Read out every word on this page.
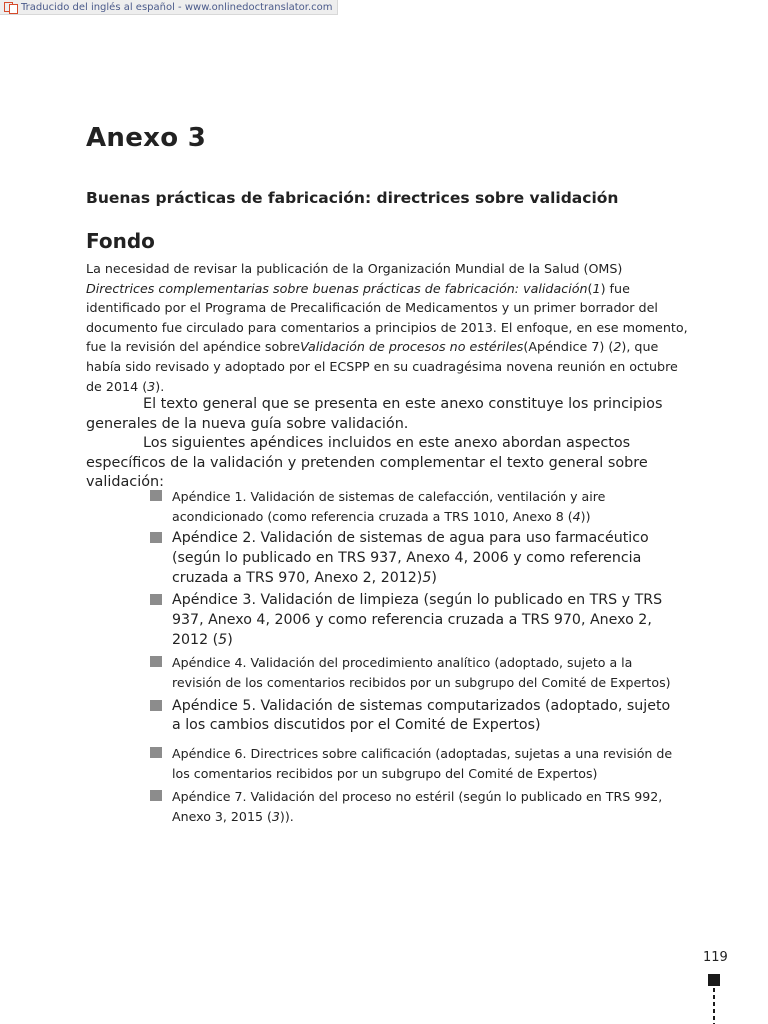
Traducido del inglés al español - www.onlinedoctranslator.com
Anexo 3
Buenas prácticas de fabricación: directrices sobre validación
Fondo

La necesidad de revisar la publicación de la Organización Mundial de la Salud (OMS) Directrices complementarias sobre buenas prácticas de fabricación: validación(1) fue identificado por el Programa de Precalificación de Medicamentos y un primer borrador del documento fue circulado para comentarios a principios de 2013. El enfoque, en ese momento, fue la revisión del apéndice sobreValidación de procesos no estériles(Apéndice 7) (2), que había sido revisado y adoptado por el ECSPP en su cuadragésima novena reunión en octubre de 2014 (3).

El texto general que se presenta en este anexo constituye los principios generales de la nueva guía sobre validación.

Los siguientes apéndices incluidos en este anexo abordan aspectos específicos de la validación y pretenden complementar el texto general sobre validación:

Apéndice 1. Validación de sistemas de calefacción, ventilación y aire acondicionado (como referencia cruzada a TRS 1010, Anexo 8 (4))
Apéndice 2. Validación de sistemas de agua para uso farmacéutico (según lo publicado en TRS 937, Anexo 4, 2006 y como referencia cruzada a TRS 970, Anexo 2, 2012)5)
Apéndice 3. Validación de limpieza (según lo publicado en TRS y TRS 937, Anexo 4, 2006 y como referencia cruzada a TRS 970, Anexo 2, 2012 (5)
Apéndice 4. Validación del procedimiento analítico (adoptado, sujeto a la revisión de los comentarios recibidos por un subgrupo del Comité de Expertos)
Apéndice 5. Validación de sistemas computarizados (adoptado, sujeto a los cambios discutidos por el Comité de Expertos)
Apéndice 6. Directrices sobre calificación (adoptadas, sujetas a una revisión de los comentarios recibidos por un subgrupo del Comité de Expertos)
Apéndice 7. Validación del proceso no estéril (según lo publicado en TRS 992, Anexo 3, 2015 (3)).
119
